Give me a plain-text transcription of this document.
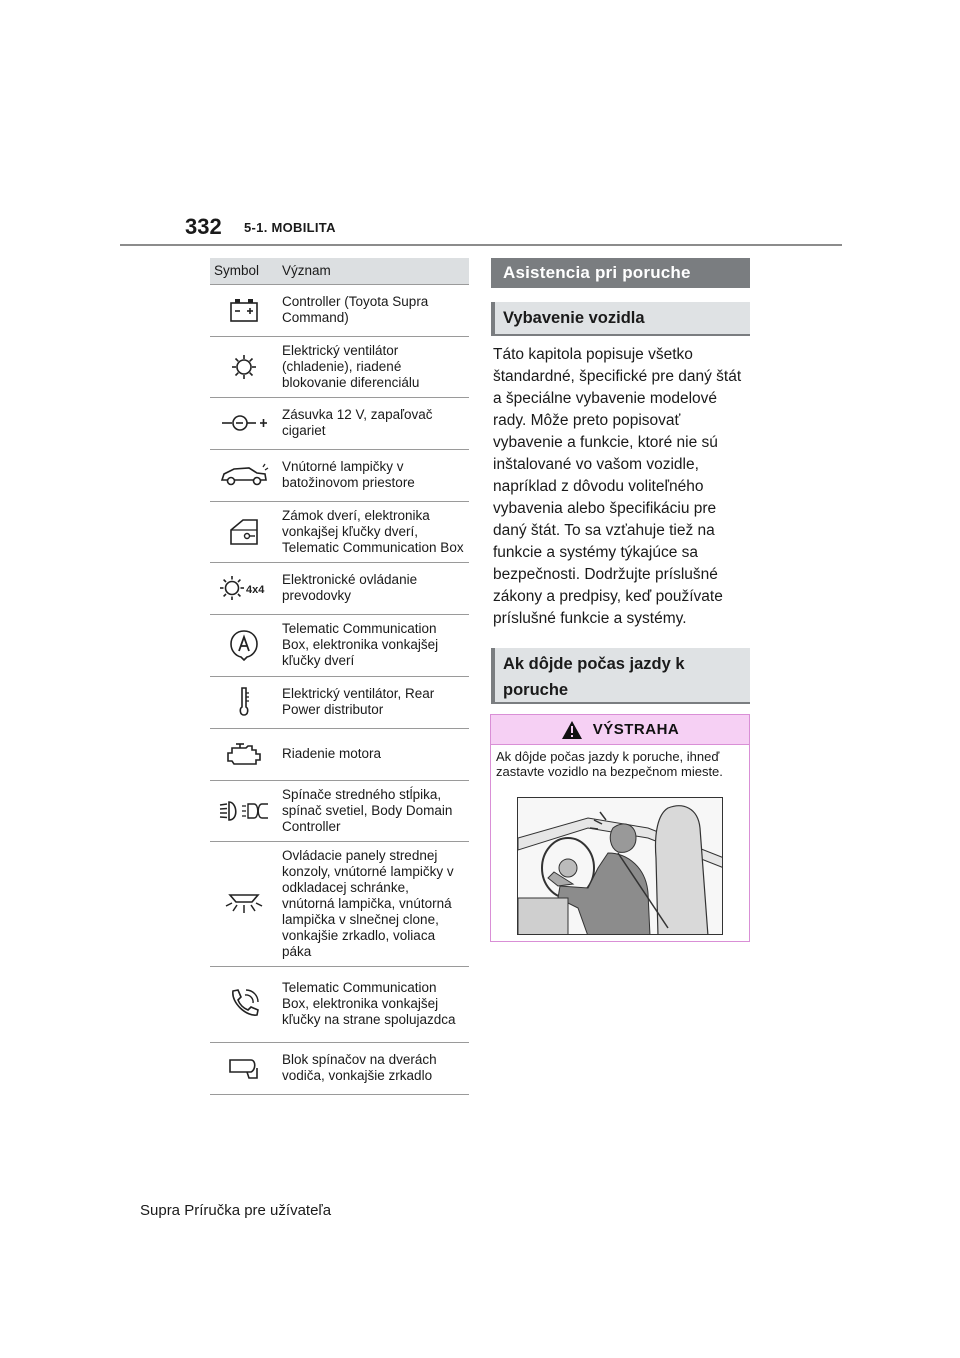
332 5-1. MOBILITA
Symbol	Význam

	Controller (Toyota Supra Command)

	Elektrický ventilátor (chladenie), riadené blokovanie diferenciálu

	Zásuvka 12 V, zapaľovač cigariet

	Vnútorné lampičky v batožinovom priestore

	Zámok dverí, elektronika vonkajšej kľučky dverí, Telematic Communication Box

4x4	Elektronické ovládanie prevodovky

	Telematic Communication Box, elektronika vonkajšej kľučky dverí

	Elektrický ventilátor, Rear Power distributor

	Riadenie motora

	Spínače stredného stĺpika, spínač svetiel, Body Domain Controller

	Ovládacie panely strednej konzoly, vnútorné lampičky v odkladacej schránke, vnútorná lampička, vnútorná lampička v slnečnej clone, vonkajšie zrkadlo, voliaca páka

	Telematic Communication Box, elektronika vonkajšej kľučky na strane spolujazdca

	Blok spínačov na dverách vodiča, vonkajšie zrkadlo
Asistencia pri poruche
Vybavenie vozidla
Táto kapitola popisuje všetko štandardné, špecifické pre daný štát a špeciálne vybavenie modelové rady. Môže preto popisovať vybavenie a funkcie, ktoré nie sú inštalované vo vašom vozidle, napríklad z dôvodu voliteľného vybavenia alebo špecifikáciu pre daný štát. To sa vzťahuje tiež na funkcie a systémy týkajúce sa bezpečnosti. Dodržujte príslušné zákony a predpisy, keď používate príslušné funkcie a systémy.
Ak dôjde počas jazdy k poruche
VÝSTRAHA
Ak dôjde počas jazdy k poruche, ihneď zastavte vozidlo na bezpečnom mieste.
Supra Príručka pre užívateľa
